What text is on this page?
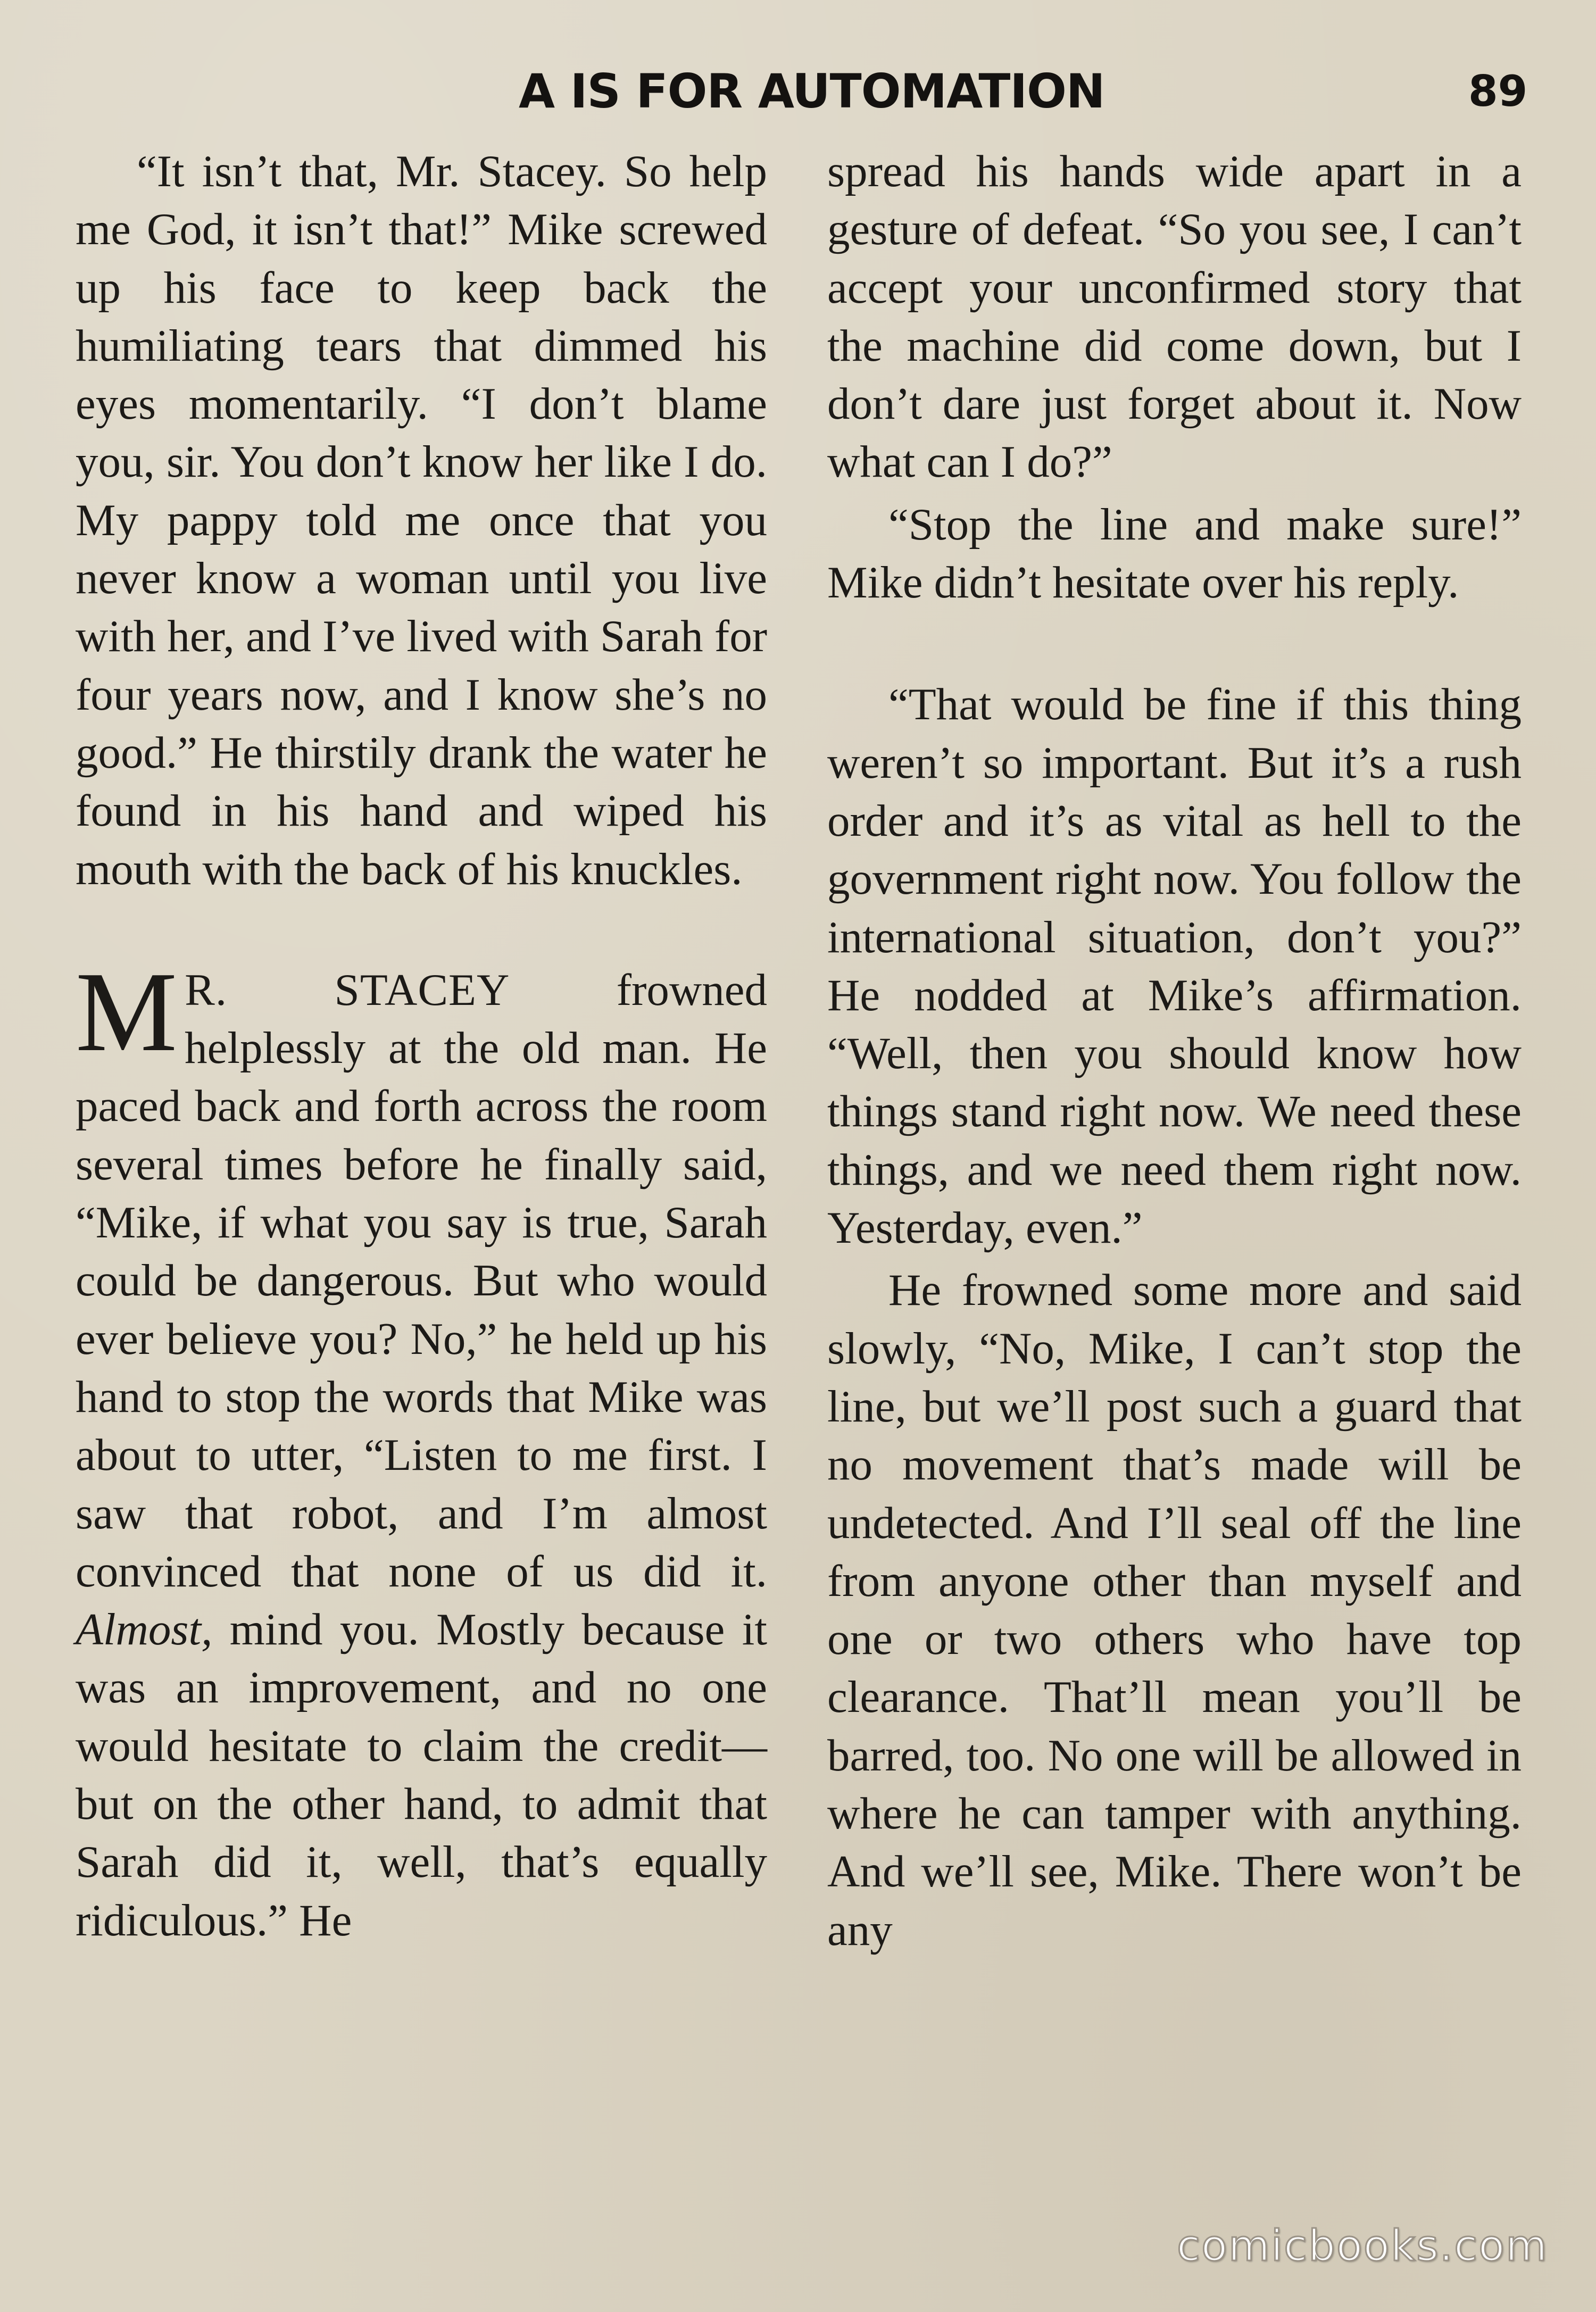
A IS FOR AUTOMATION	89

“It isn’t that, Mr. Stacey. So help me God, it isn’t that!” Mike screwed up his face to keep back the humiliating tears that dimmed his eyes momentarily. “I don’t blame you, sir. You don’t know her like I do. My pappy told me once that you never know a woman until you live with her, and I’ve lived with Sarah for four years now, and I know she’s no good.” He thirstily drank the water he found in his hand and wiped his mouth with the back of his knuckles.

M R. STACEY frowned helplessly at the old man. He paced back and forth across the room several times before he finally said, “Mike, if what you say is true, Sarah could be dangerous. But who would ever believe you? No,” he held up his hand to stop the words that Mike was about to utter, “Listen to me first. I saw that robot, and I’m almost convinced that none of us did it. Almost, mind you. Mostly because it was an improvement, and no one would hesitate to claim the credit—but on the other hand, to admit that Sarah did it, well, that’s equally ridiculous.” He

spread his hands wide apart in a gesture of defeat. “So you see, I can’t accept your unconfirmed story that the machine did come down, but I don’t dare just forget about it. Now what can I do?”

“Stop the line and make sure!” Mike didn’t hesitate over his reply.

“That would be fine if this thing weren’t so important. But it’s a rush order and it’s as vital as hell to the government right now. You follow the international situation, don’t you?” He nodded at Mike’s affirmation. “Well, then you should know how things stand right now. We need these things, and we need them right now. Yesterday, even.”

He frowned some more and said slowly, “No, Mike, I can’t stop the line, but we’ll post such a guard that no movement that’s made will be undetected. And I’ll seal off the line from anyone other than myself and one or two others who have top clearance. That’ll mean you’ll be barred, too. No one will be allowed in where he can tamper with anything. And we’ll see, Mike. There won’t be any

comicbooks.com
